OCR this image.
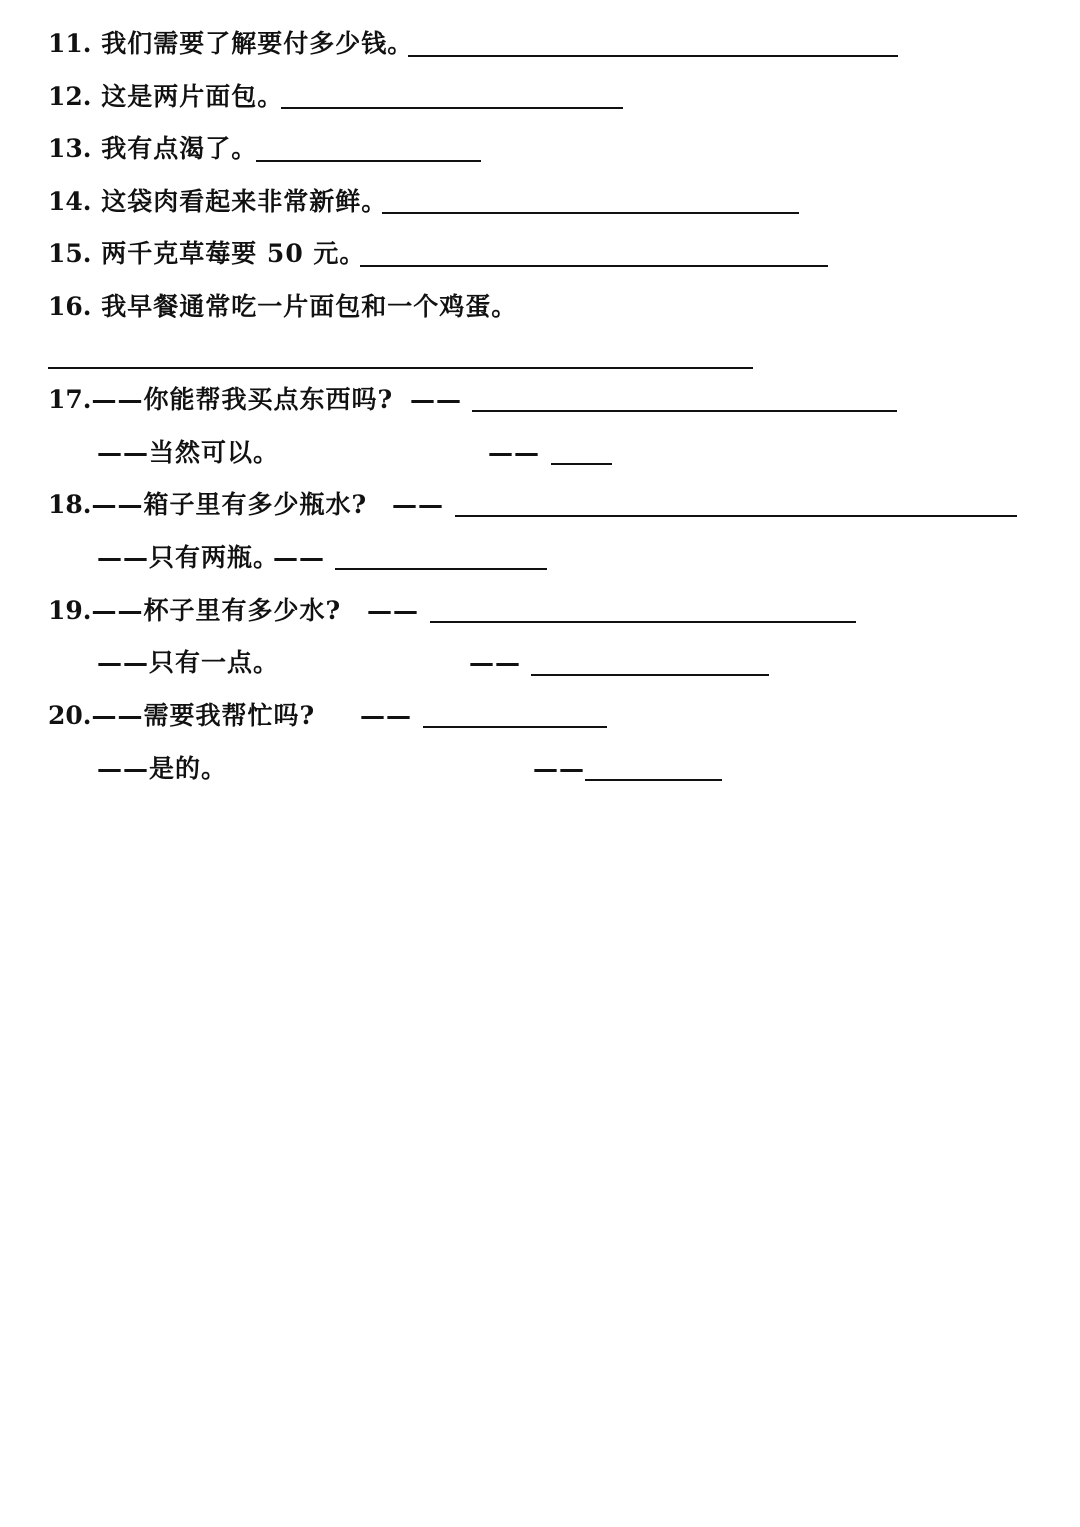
11. 我们需要了解要付多少钱。
12. 这是两片面包。
13. 我有点渴了。
14. 这袋肉看起来非常新鲜。
15. 两千克草莓要 50 元。
16. 我早餐通常吃一片面包和一个鸡蛋。
17.——你能帮我买点东西吗? ——
——当然可以。	——
18.——箱子里有多少瓶水? ——
——只有两瓶。
——
19.——杯子里有多少水? ——
——只有一点。	——
20.——需要我帮忙吗? ——
——是的。	——
